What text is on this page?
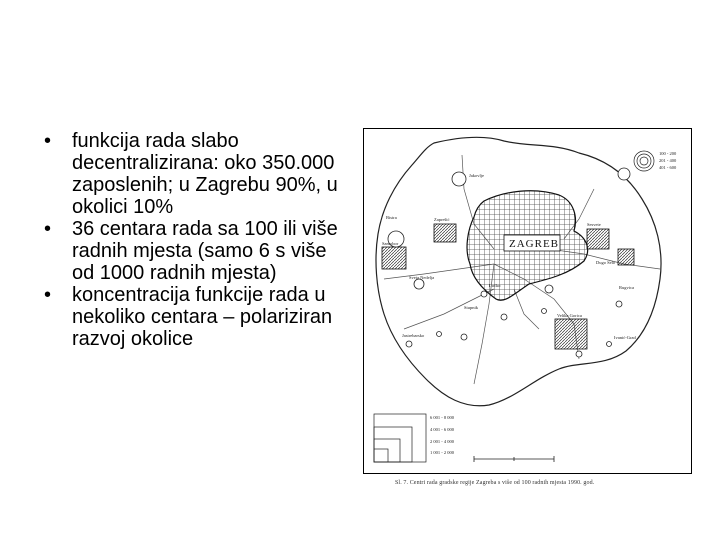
• funkcija rada slabo decentralizirana: oko 350.000 zaposlenih; u Zagrebu 90%, u okolici 10%
• 36 centara rada sa 100 ili više radnih mjesta (samo 6 s više od 1000 radnih mjesta)
• koncentracija funkcije rada u nekoliko centara – polariziran razvoj okolice
ZAGREB
Jakovlje
Bistra	Zaprešić
Sesvete
Velika Gorica
Samobor
Dugo Selo
Rugvica
Sveta Nedelja
Jastrebarsko
Stupnik
Lučko
Ivanić-Grad
100 - 200
201 - 400
401 - 600
6 001 - 8 000
4 001 - 6 000
2 001 - 4 000
1 001 - 2 000
Sl. 7. Centri rada gradske regije Zagreba s više od 100 radnih mjesta 1990. god.
